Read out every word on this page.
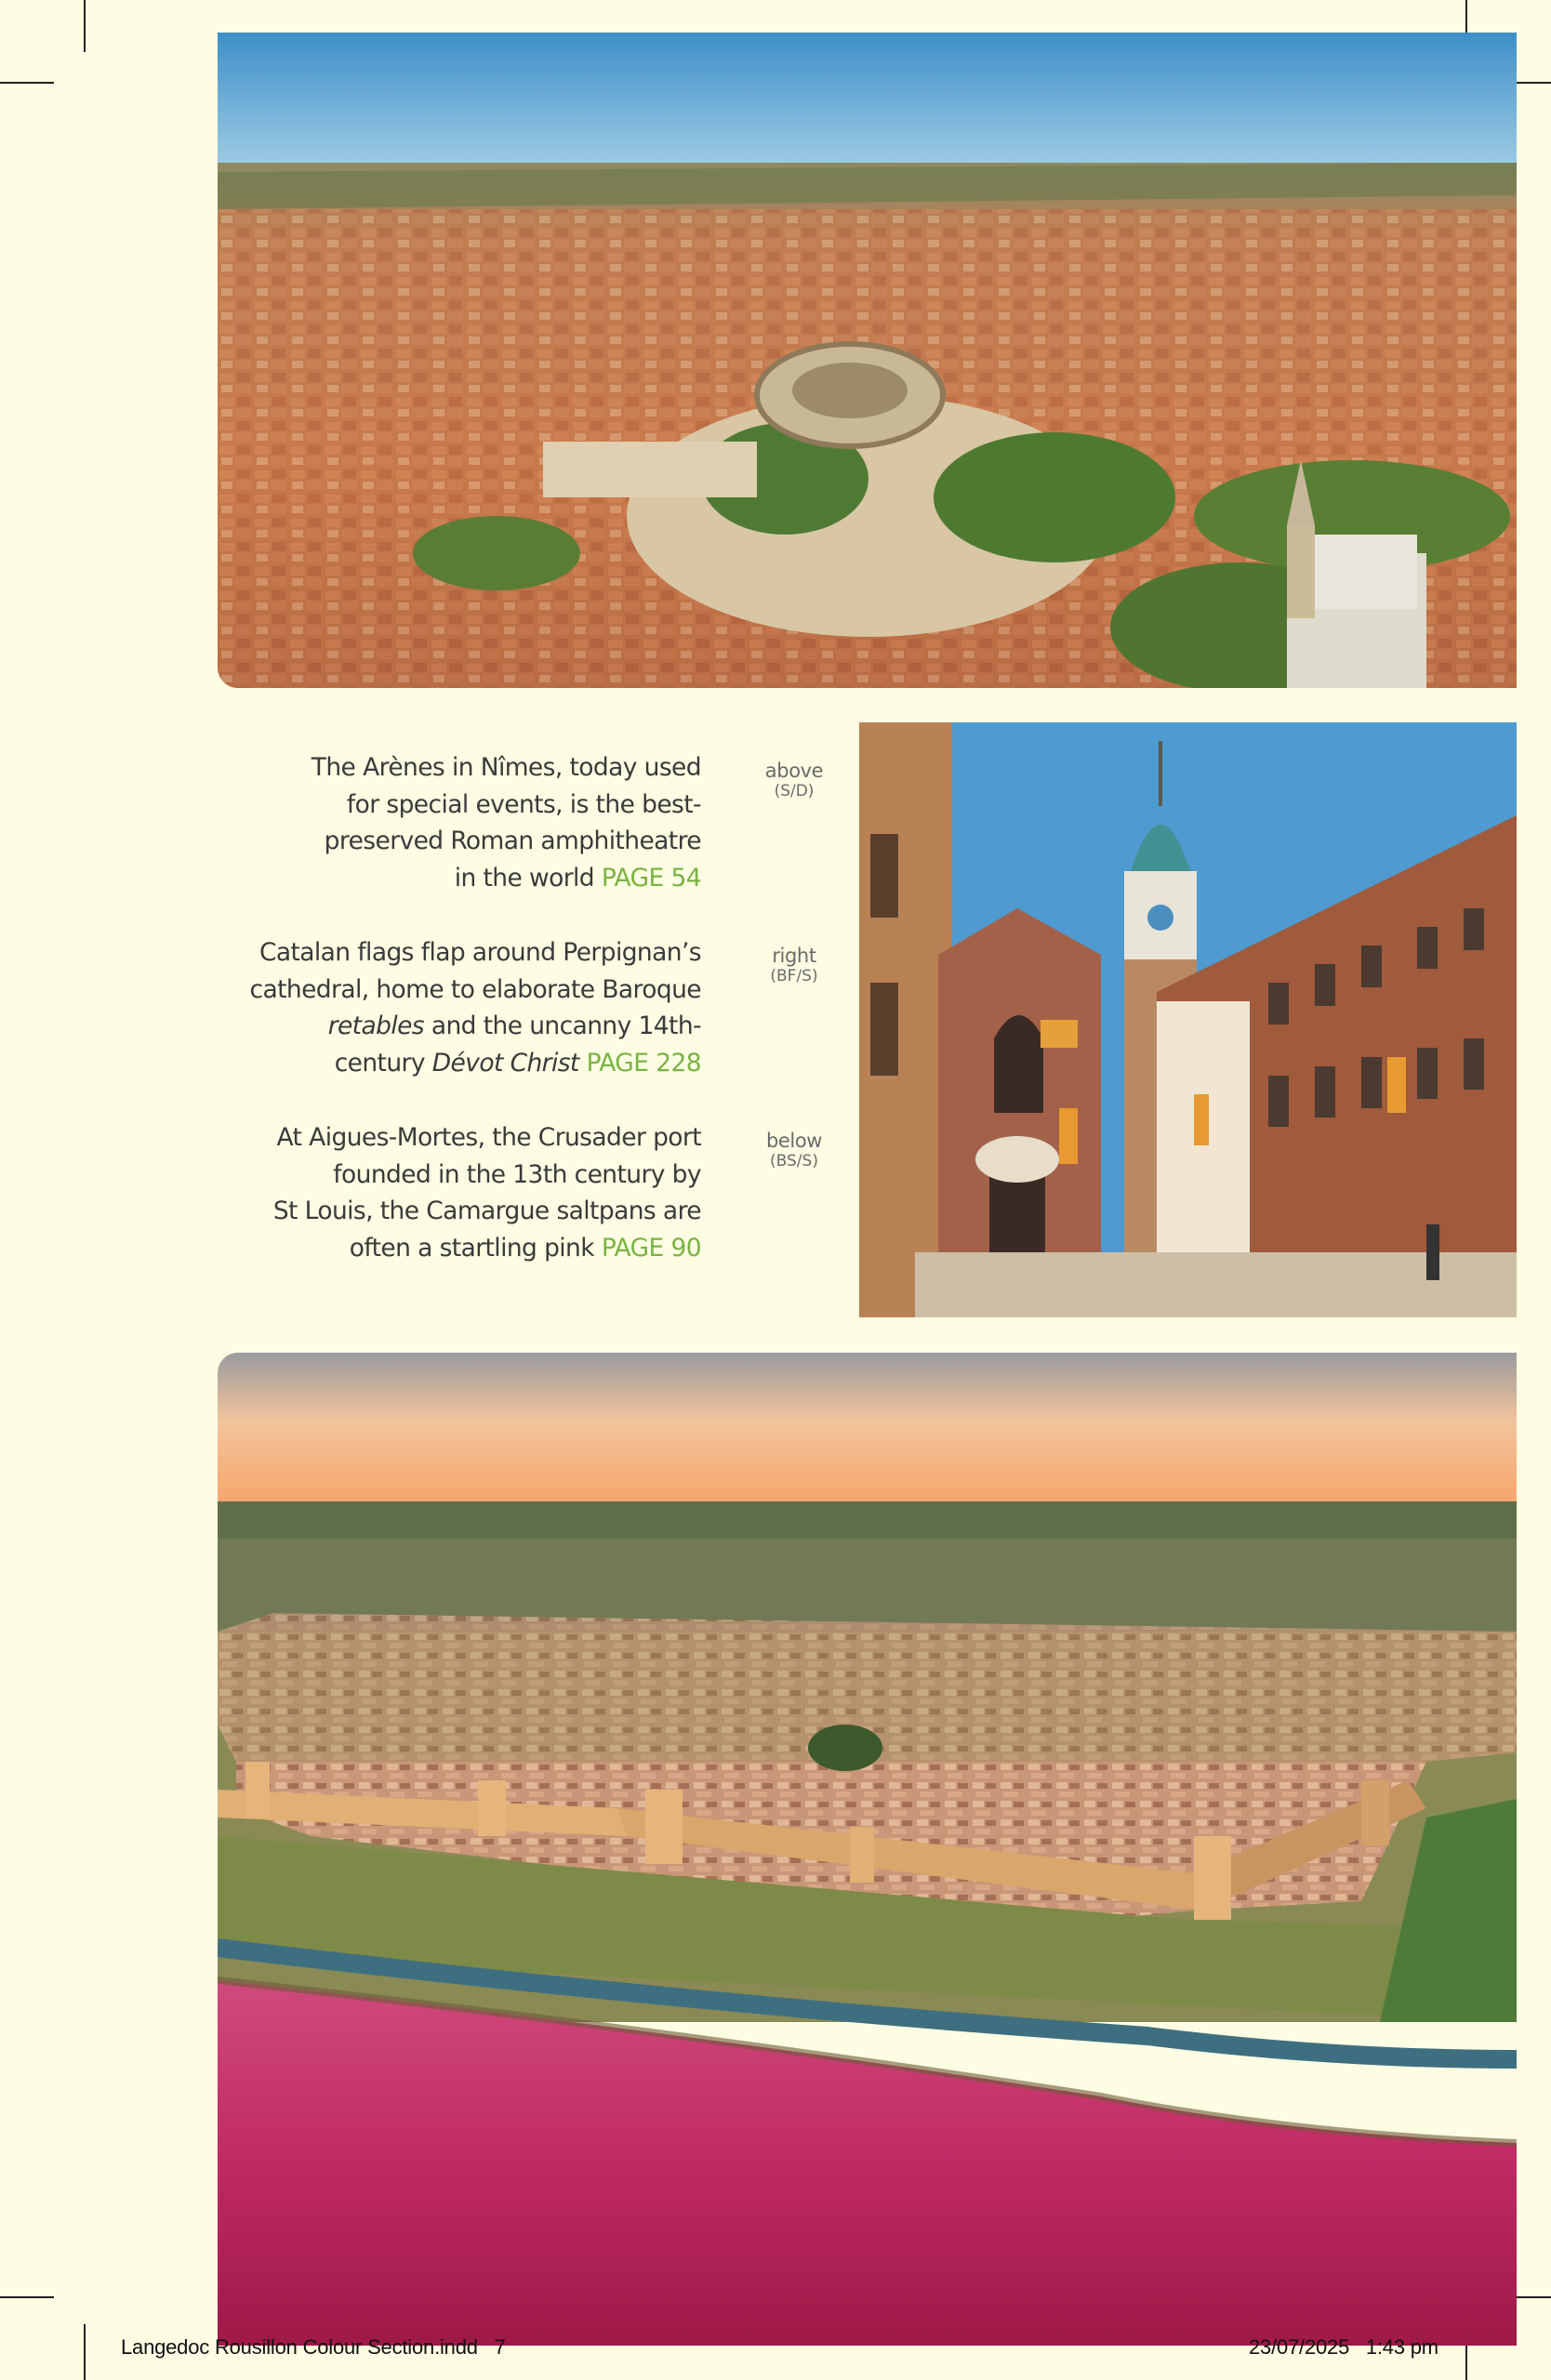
The Arènes in Nîmes, today used
for special events, is the best-
preserved Roman amphitheatre
in the world PAGE 54
Catalan flags flap around Perpignan’s
cathedral, home to elaborate Baroque
retables and the uncanny 14th-
century Dévot Christ PAGE 228
At Aigues-Mortes, the Crusader port
founded in the 13th century by
St Louis, the Camargue saltpans are
often a startling pink PAGE 90
above
(S/D)
right
(BF/S)
below
(BS/S)
Langedoc Rousillon Colour Section.indd   7	23/07/2025   1:43 pm
